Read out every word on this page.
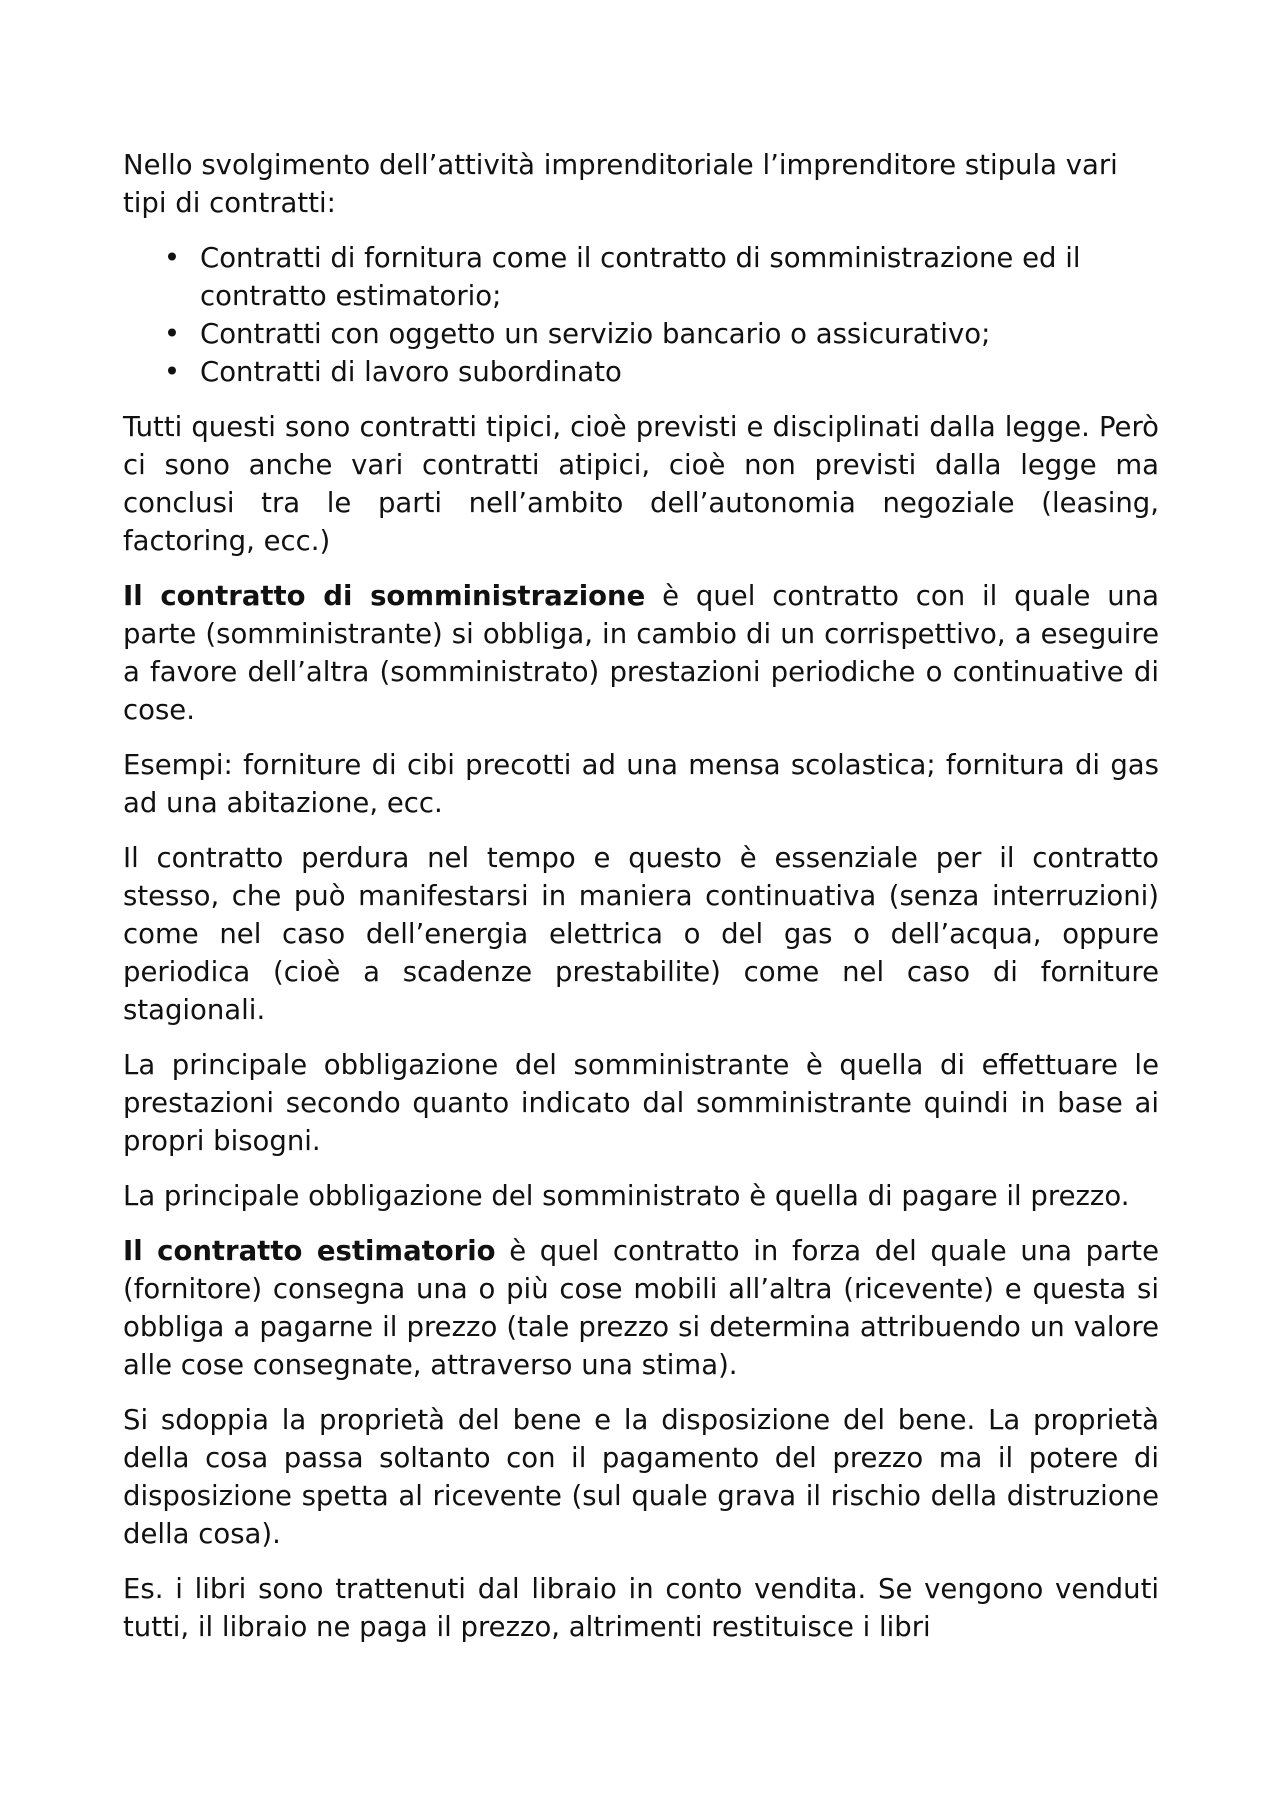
Nello svolgimento dell’attività imprenditoriale l’imprenditore stipula vari tipi di contratti:

• Contratti di fornitura come il contratto di somministrazione ed il contratto estimatorio;
• Contratti con oggetto un servizio bancario o assicurativo;
• Contratti di lavoro subordinato

Tutti questi sono contratti tipici, cioè previsti e disciplinati dalla legge. Però ci sono anche vari contratti atipici, cioè non previsti dalla legge ma conclusi tra le parti nell’ambito dell’autonomia negoziale (leasing, factoring, ecc.)

Il contratto di somministrazione è quel contratto con il quale una parte (somministrante) si obbliga, in cambio di un corrispettivo, a eseguire a favore dell’altra (somministrato) prestazioni periodiche o continuative di cose.

Esempi: forniture di cibi precotti ad una mensa scolastica; fornitura di gas ad una abitazione, ecc.

Il contratto perdura nel tempo e questo è essenziale per il contratto stesso, che può manifestarsi in maniera continuativa (senza interruzioni) come nel caso dell’energia elettrica o del gas o dell’acqua, oppure periodica (cioè a scadenze prestabilite) come nel caso di forniture stagionali.

La principale obbligazione del somministrante è quella di effettuare le prestazioni secondo quanto indicato dal somministrante quindi in base ai propri bisogni.

La principale obbligazione del somministrato è quella di pagare il prezzo.

Il contratto estimatorio è quel contratto in forza del quale una parte (fornitore) consegna una o più cose mobili all’altra (ricevente) e questa si obbliga a pagarne il prezzo (tale prezzo si determina attribuendo un valore alle cose consegnate, attraverso una stima).

Si sdoppia la proprietà del bene e la disposizione del bene. La proprietà della cosa passa soltanto con il pagamento del prezzo ma il potere di disposizione spetta al ricevente (sul quale grava il rischio della distruzione della cosa).

Es. i libri sono trattenuti dal libraio in conto vendita. Se vengono venduti tutti, il libraio ne paga il prezzo, altrimenti restituisce i libri
